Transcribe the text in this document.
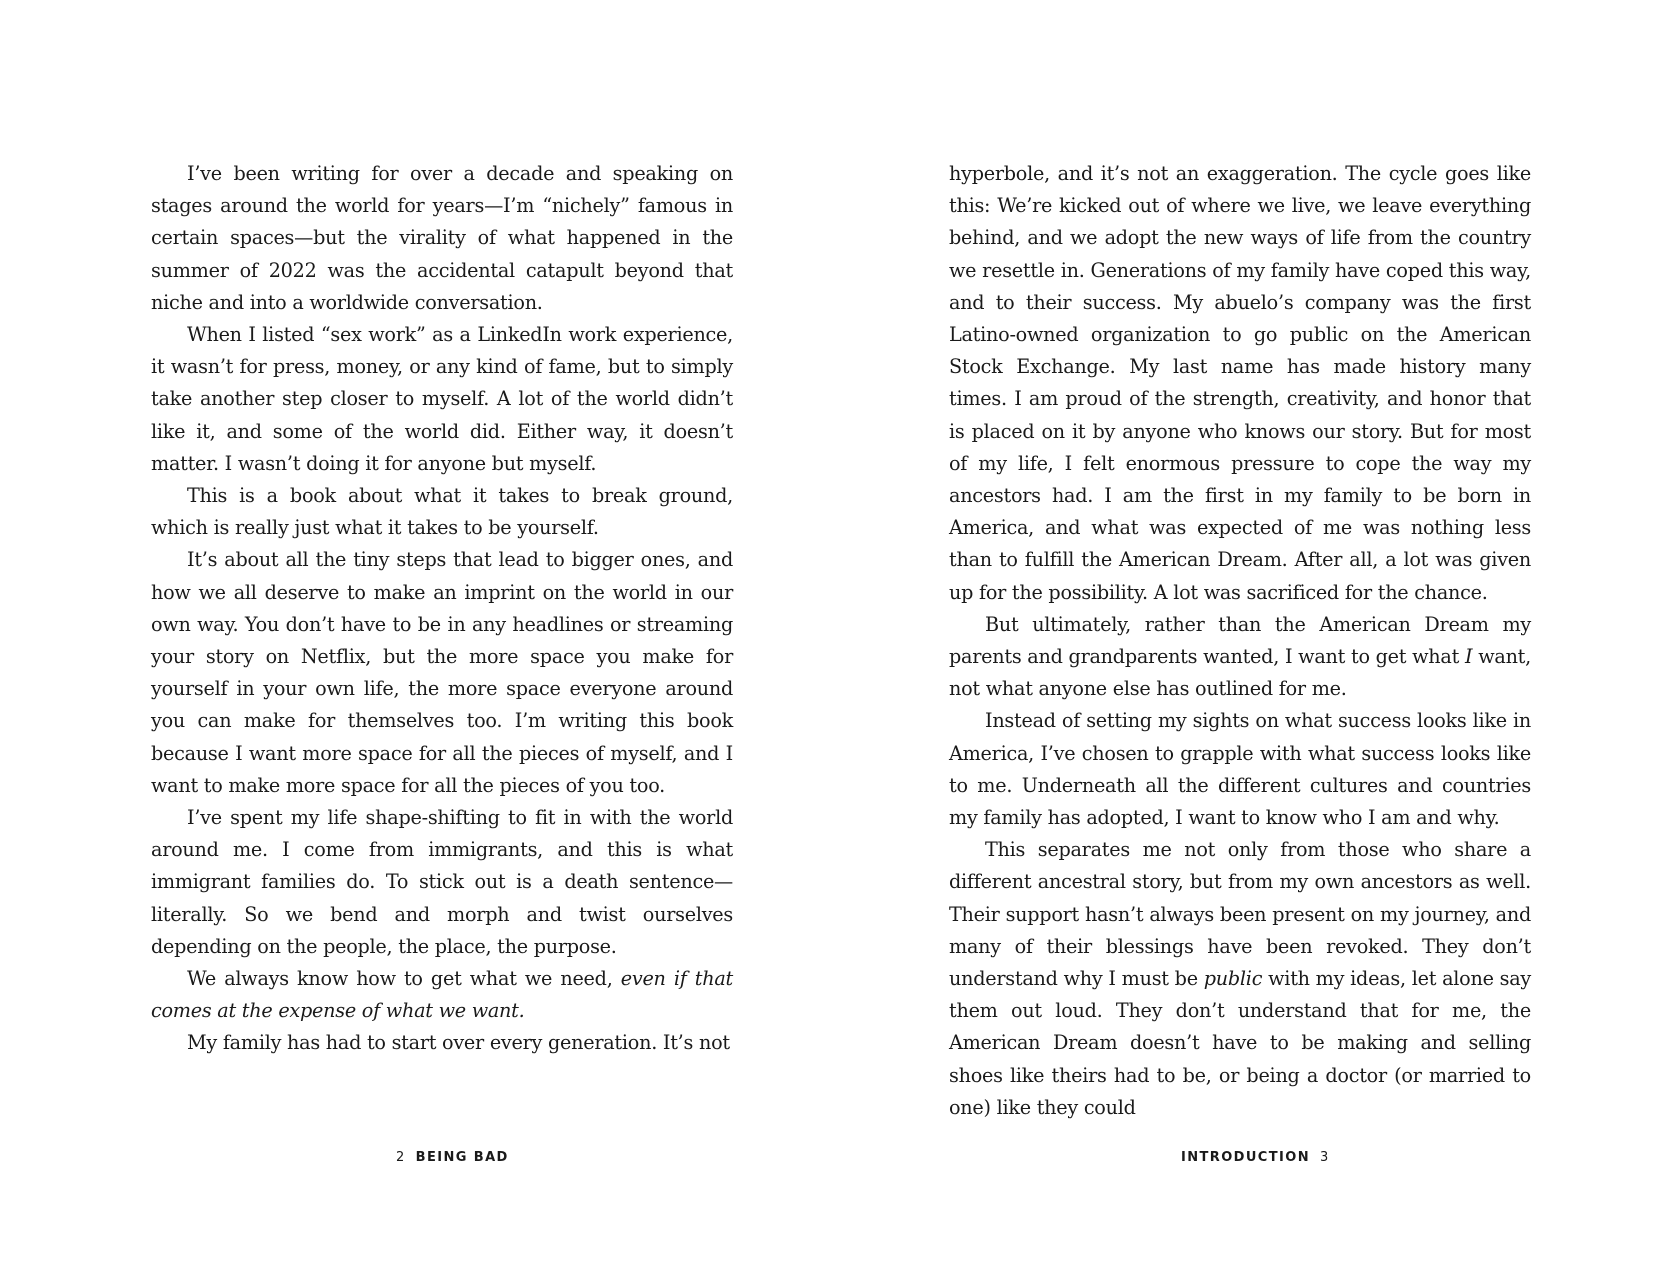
I’ve been writing for over a decade and speaking on stages around the world for years—I’m “nichely” famous in certain spaces—but the virality of what happened in the summer of 2022 was the accidental catapult beyond that niche and into a worldwide conversation.

When I listed “sex work” as a LinkedIn work experience, it wasn’t for press, money, or any kind of fame, but to simply take another step closer to myself. A lot of the world didn’t like it, and some of the world did. Either way, it doesn’t matter. I wasn’t doing it for anyone but myself.

This is a book about what it takes to break ground, which is really just what it takes to be yourself.

It’s about all the tiny steps that lead to bigger ones, and how we all deserve to make an imprint on the world in our own way. You don’t have to be in any headlines or streaming your story on Netflix, but the more space you make for yourself in your own life, the more space everyone around you can make for themselves too. I’m writing this book because I want more space for all the pieces of myself, and I want to make more space for all the pieces of you too.

I’ve spent my life shape-shifting to fit in with the world around me. I come from immigrants, and this is what immigrant families do. To stick out is a death sentence—literally. So we bend and morph and twist ourselves depending on the people, the place, the purpose.

We always know how to get what we need, even if that comes at the expense of what we want.

My family has had to start over every generation. It’s not

2 BEING BAD

hyperbole, and it’s not an exaggeration. The cycle goes like this: We’re kicked out of where we live, we leave everything behind, and we adopt the new ways of life from the country we resettle in. Generations of my family have coped this way, and to their success. My abuelo’s company was the first Latino-owned organization to go public on the American Stock Exchange. My last name has made history many times. I am proud of the strength, creativity, and honor that is placed on it by anyone who knows our story. But for most of my life, I felt enormous pressure to cope the way my ancestors had. I am the first in my family to be born in America, and what was expected of me was nothing less than to fulfill the American Dream. After all, a lot was given up for the possibility. A lot was sacrificed for the chance.

But ultimately, rather than the American Dream my parents and grandparents wanted, I want to get what I want, not what anyone else has outlined for me.

Instead of setting my sights on what success looks like in America, I’ve chosen to grapple with what success looks like to me. Underneath all the different cultures and countries my family has adopted, I want to know who I am and why.

This separates me not only from those who share a different ancestral story, but from my own ancestors as well. Their support hasn’t always been present on my journey, and many of their blessings have been revoked. They don’t understand why I must be public with my ideas, let alone say them out loud. They don’t understand that for me, the American Dream doesn’t have to be making and selling shoes like theirs had to be, or being a doctor (or married to one) like they could

INTRODUCTION 3
